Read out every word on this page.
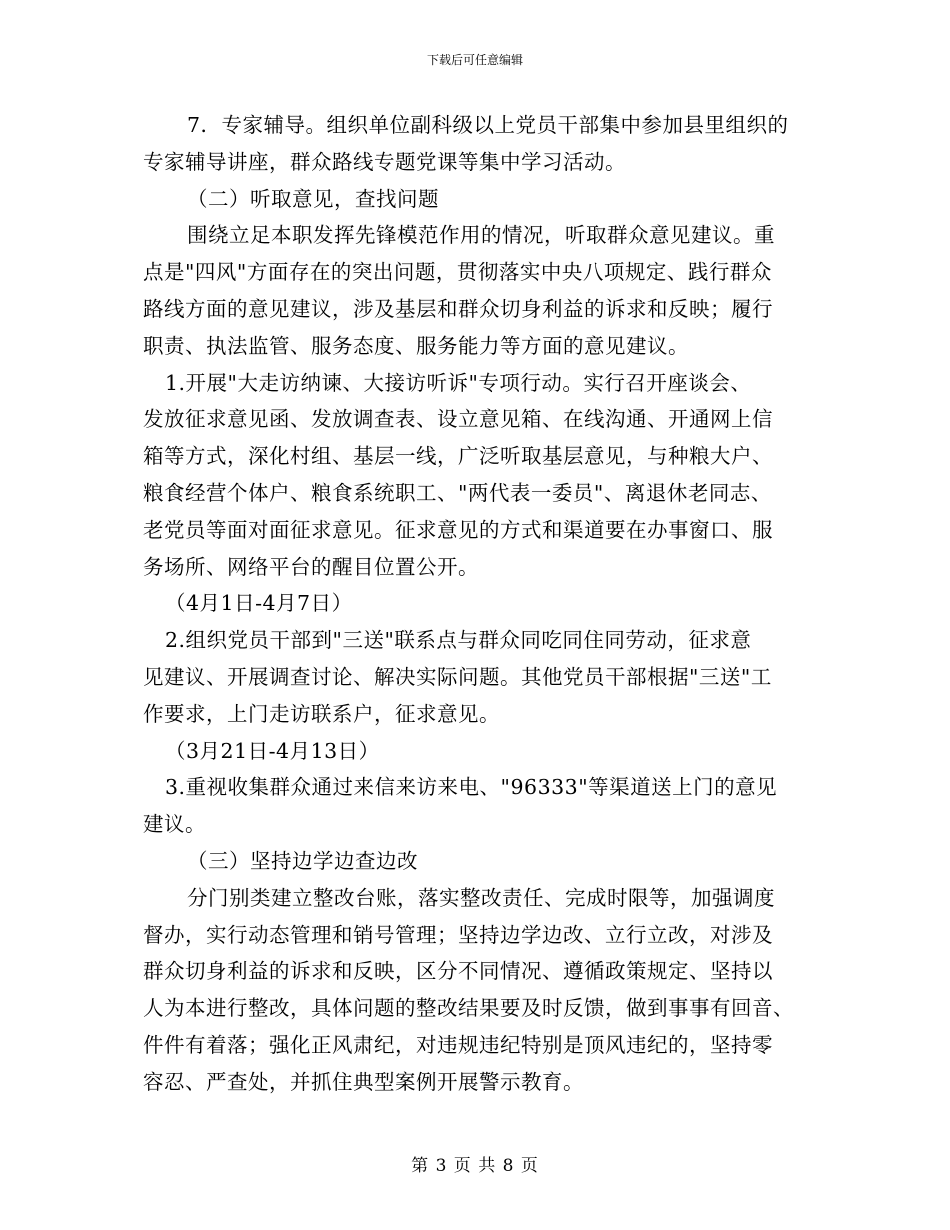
下载后可任意编辑
7．专家辅导。组织单位副科级以上党员干部集中参加县里组织的
专家辅导讲座，群众路线专题党课等集中学习活动。
（二）听取意见，查找问题
围绕立足本职发挥先锋模范作用的情况，听取群众意见建议。重
点是"四风"方面存在的突出问题，贯彻落实中央八项规定、践行群众
路线方面的意见建议，涉及基层和群众切身利益的诉求和反映；履行
职责、执法监管、服务态度、服务能力等方面的意见建议。
1.开展"大走访纳谏、大接访听诉"专项行动。实行召开座谈会、
发放征求意见函、发放调查表、设立意见箱、在线沟通、开通网上信
箱等方式，深化村组、基层一线，广泛听取基层意见，与种粮大户、
粮食经营个体户、粮食系统职工、"两代表一委员"、离退休老同志、
老党员等面对面征求意见。征求意见的方式和渠道要在办事窗口、服
务场所、网络平台的醒目位置公开。
（4月1日-4月7日）
2.组织党员干部到"三送"联系点与群众同吃同住同劳动，征求意
见建议、开展调查讨论、解决实际问题。其他党员干部根据"三送"工
作要求，上门走访联系户，征求意见。
（3月21日-4月13日）
3.重视收集群众通过来信来访来电、"96333"等渠道送上门的意见
建议。
（三）坚持边学边查边改
分门别类建立整改台账，落实整改责任、完成时限等，加强调度
督办，实行动态管理和销号管理；坚持边学边改、立行立改，对涉及
群众切身利益的诉求和反映，区分不同情况、遵循政策规定、坚持以
人为本进行整改，具体问题的整改结果要及时反馈，做到事事有回音、
件件有着落；强化正风肃纪，对违规违纪特别是顶风违纪的，坚持零
容忍、严查处，并抓住典型案例开展警示教育。
第 3 页 共 8 页
